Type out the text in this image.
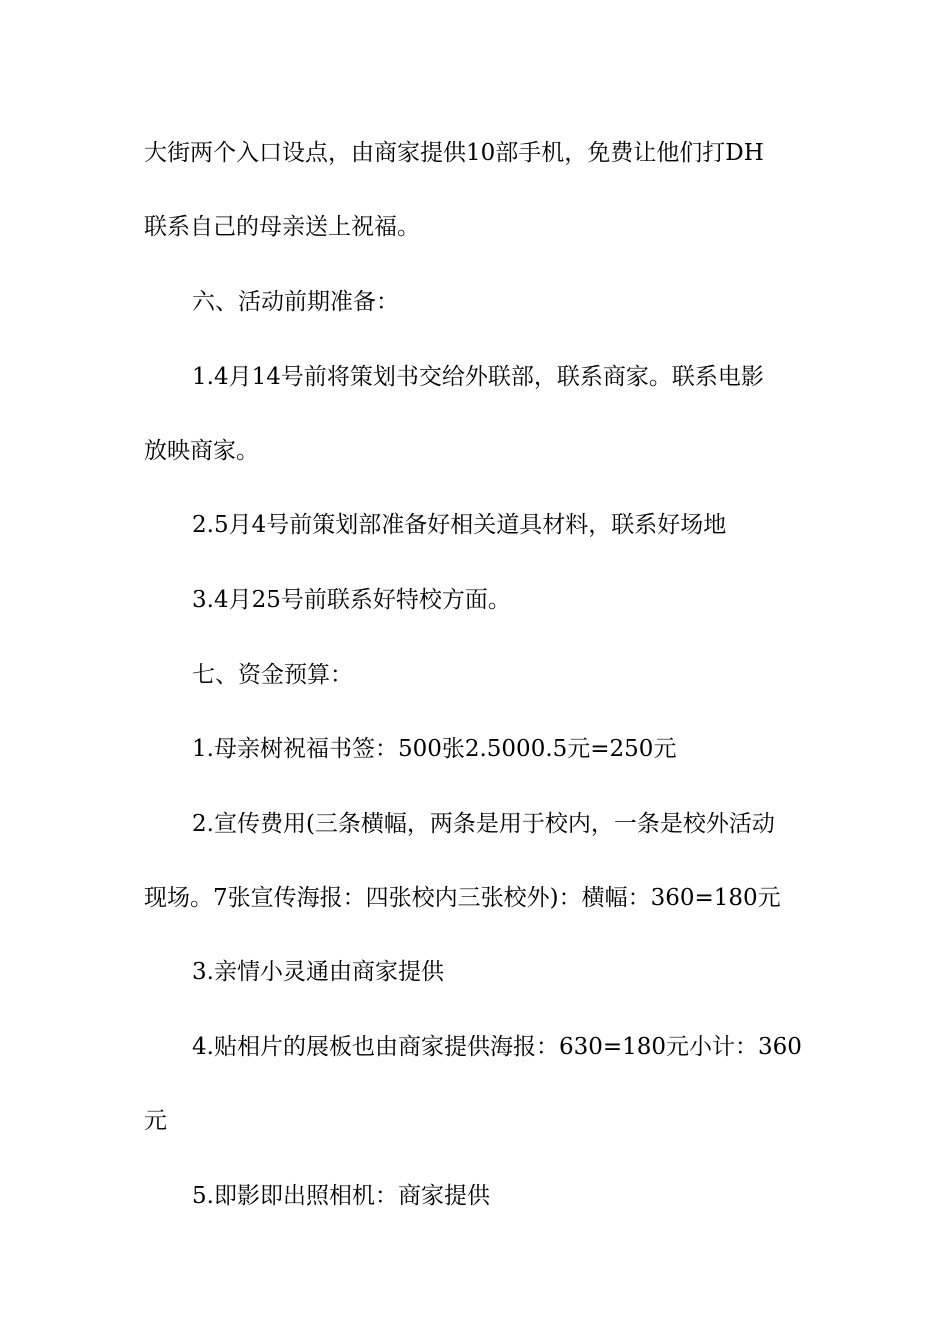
大街两个入口设点，由商家提供10部手机，免费让他们打DH
联系自己的母亲送上祝福。
六、活动前期准备：
1.4月14号前将策划书交给外联部，联系商家。联系电影
放映商家。
2.5月4号前策划部准备好相关道具材料，联系好场地
3.4月25号前联系好特校方面。
七、资金预算：
1.母亲树祝福书签：500张2.5000.5元=250元
2.宣传费用(三条横幅，两条是用于校内，一条是校外活动
现场。7张宣传海报：四张校内三张校外)：横幅：360=180元
3.亲情小灵通由商家提供
4.贴相片的展板也由商家提供海报：630=180元小计：360
元
5.即影即出照相机：商家提供
